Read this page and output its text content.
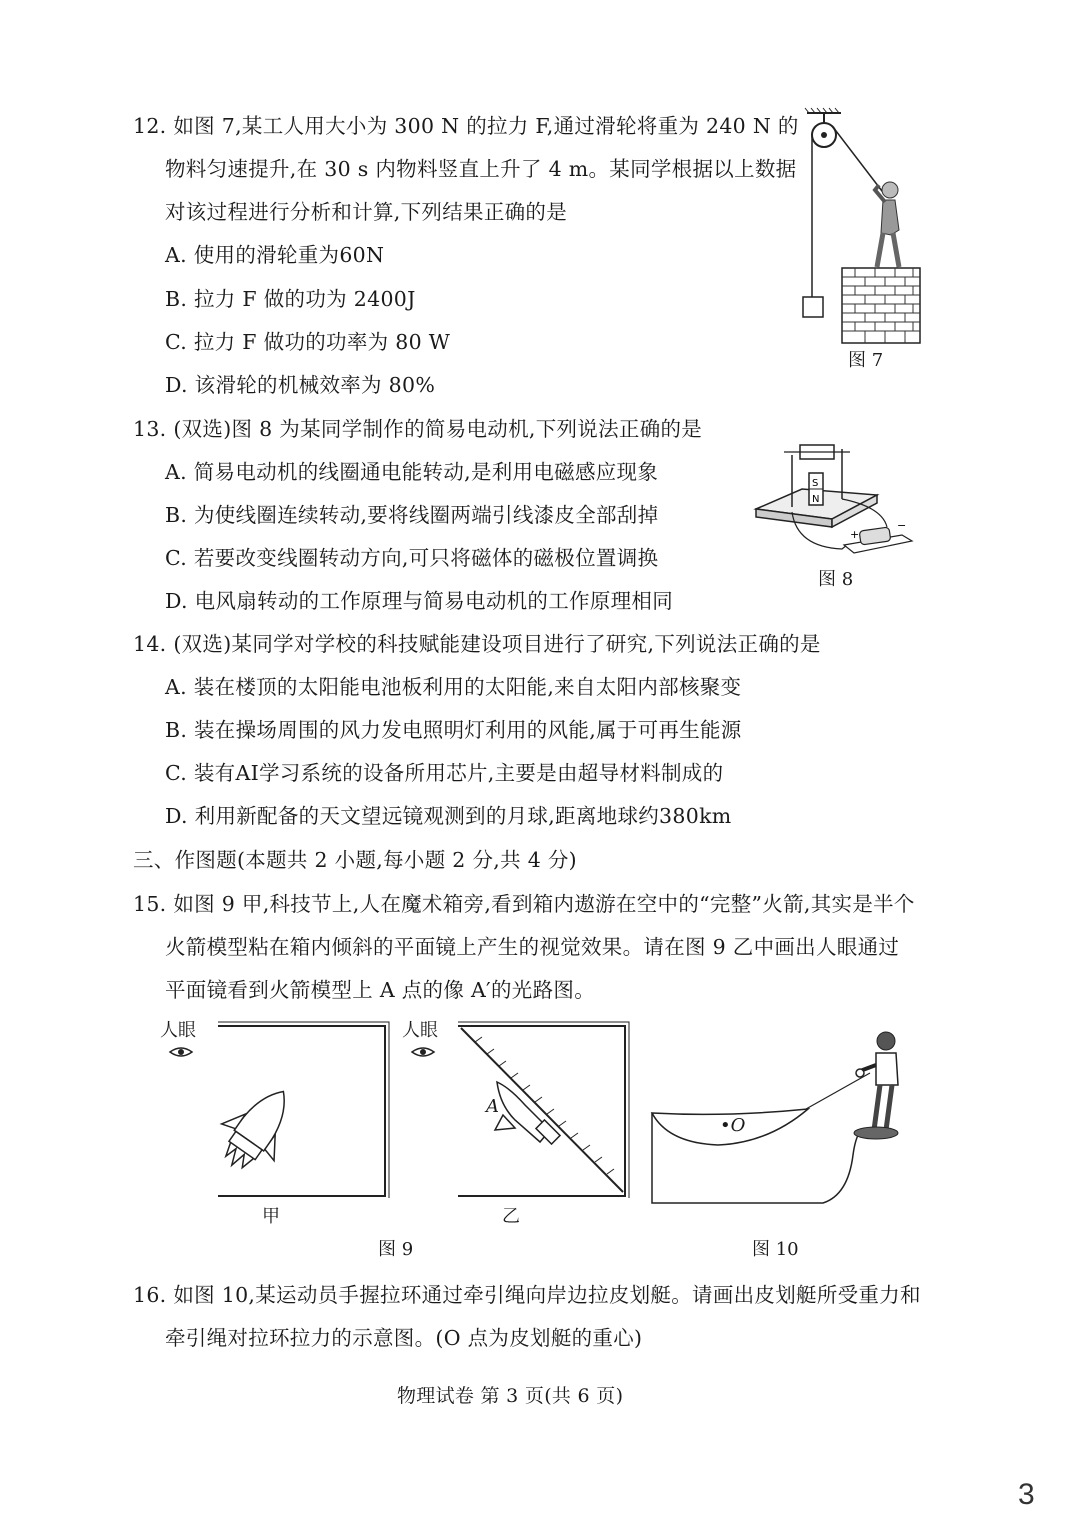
12. 如图 7,某工人用大小为 300 N 的拉力 F,通过滑轮将重为 240 N 的
物料匀速提升,在 30 s 内物料竖直上升了 4 m。某同学根据以上数据
对该过程进行分析和计算,下列结果正确的是
A. 使用的滑轮重为60N
B. 拉力 F 做的功为 2400J
C. 拉力 F 做功的功率为 80 W
D. 该滑轮的机械效率为 80%
图 7
13. (双选)图 8 为某同学制作的简易电动机,下列说法正确的是
A. 简易电动机的线圈通电能转动,是利用电磁感应现象
B. 为使线圈连续转动,要将线圈两端引线漆皮全部刮掉
C. 若要改变线圈转动方向,可只将磁体的磁极位置调换
D. 电风扇转动的工作原理与简易电动机的工作原理相同
S
N
+
−
图 8
14. (双选)某同学对学校的科技赋能建设项目进行了研究,下列说法正确的是
A. 装在楼顶的太阳能电池板利用的太阳能,来自太阳内部核聚变
B. 装在操场周围的风力发电照明灯利用的风能,属于可再生能源
C. 装有AI学习系统的设备所用芯片,主要是由超导材料制成的
D. 利用新配备的天文望远镜观测到的月球,距离地球约380km
三、作图题(本题共 2 小题,每小题 2 分,共 4 分)
15. 如图 9 甲,科技节上,人在魔术箱旁,看到箱内遨游在空中的“完整”火箭,其实是半个
火箭模型粘在箱内倾斜的平面镜上产生的视觉效果。请在图 9 乙中画出人眼通过
平面镜看到火箭模型上 A 点的像 A′的光路图。
人眼
甲
人眼
A
乙
图 9
•O
图 10
16. 如图 10,某运动员手握拉环通过牵引绳向岸边拉皮划艇。请画出皮划艇所受重力和
牵引绳对拉环拉力的示意图。(O 点为皮划艇的重心)
物理试卷 第 3 页(共 6 页)
3
